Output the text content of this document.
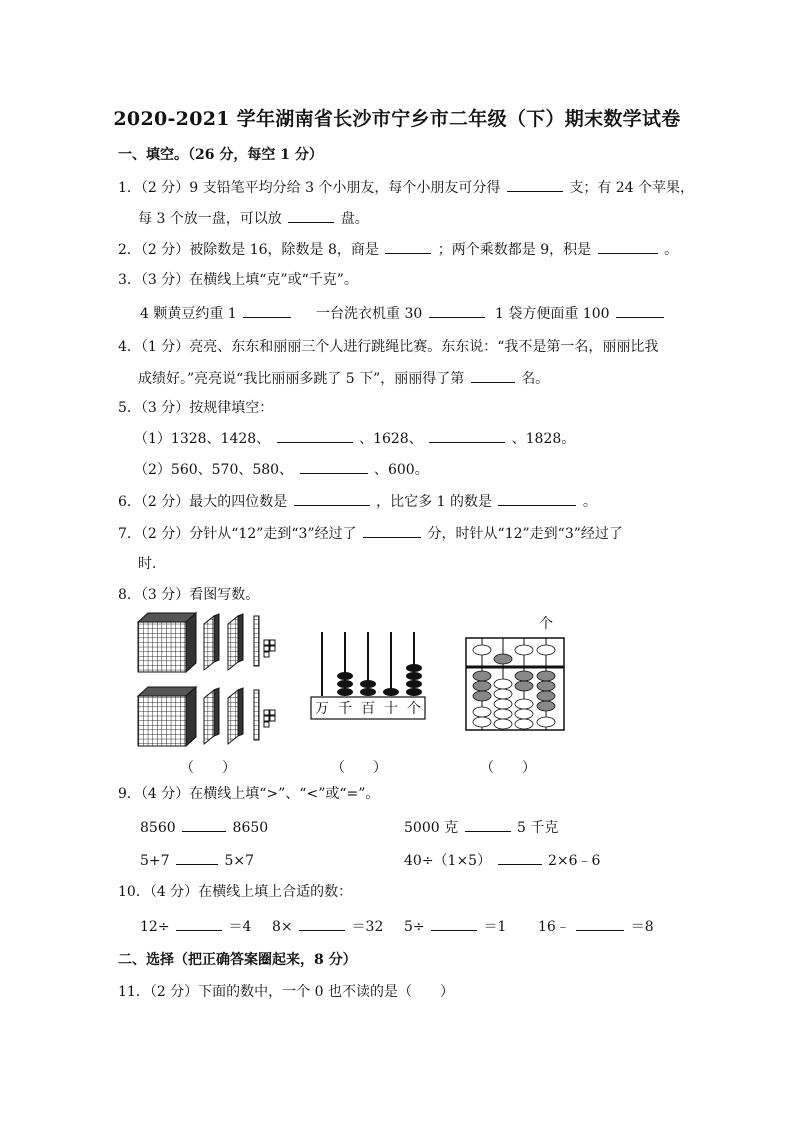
2020-2021 学年湖南省长沙市宁乡市二年级（下）期末数学试卷
一、填空。（26 分，每空 1 分）
1．（2 分）9 支铅笔平均分给 3 个小朋友，每个小朋友可分得	支；有 24 个苹果，
每 3 个放一盘，可以放	盘。
2．（2 分）被除数是 16，除数是 8，商是	；两个乘数都是 9，积是	。
3．（3 分）在横线上填“克”或“千克”。
4 颗黄豆约重 1	一台洗衣机重 30	1 袋方便面重 100
4．（1 分）亮亮、东东和丽丽三个人进行跳绳比赛。东东说：“我不是第一名，丽丽比我
成绩好。”亮亮说“我比丽丽多跳了 5 下”，丽丽得了第	名。
5．（3 分）按规律填空：
（1）1328、1428、	、1628、	、1828。
（2）560、570、580、	、600。
6．（2 分）最大的四位数是	，比它多 1 的数是	。
7．（2 分）分针从“12”走到“3”经过了	分，时针从“12”走到“3”经过了
时．
8．（3 分）看图写数。
万 千 百 十 个
个
（　　）	（　　）	（　　）
9．（4 分）在横线上填“>”、“<”或“=”。
8560	8650	5000 克	5 千克
5+7	5×7	40÷（1×5）	2×6﹣6
10．（4 分）在横线上填上合适的数：
12÷	＝4 8×	＝32 5÷	＝1 16﹣	＝8
二、选择（把正确答案圈起来，8 分）
11．（2 分）下面的数中，一个 0 也不读的是（　　）
